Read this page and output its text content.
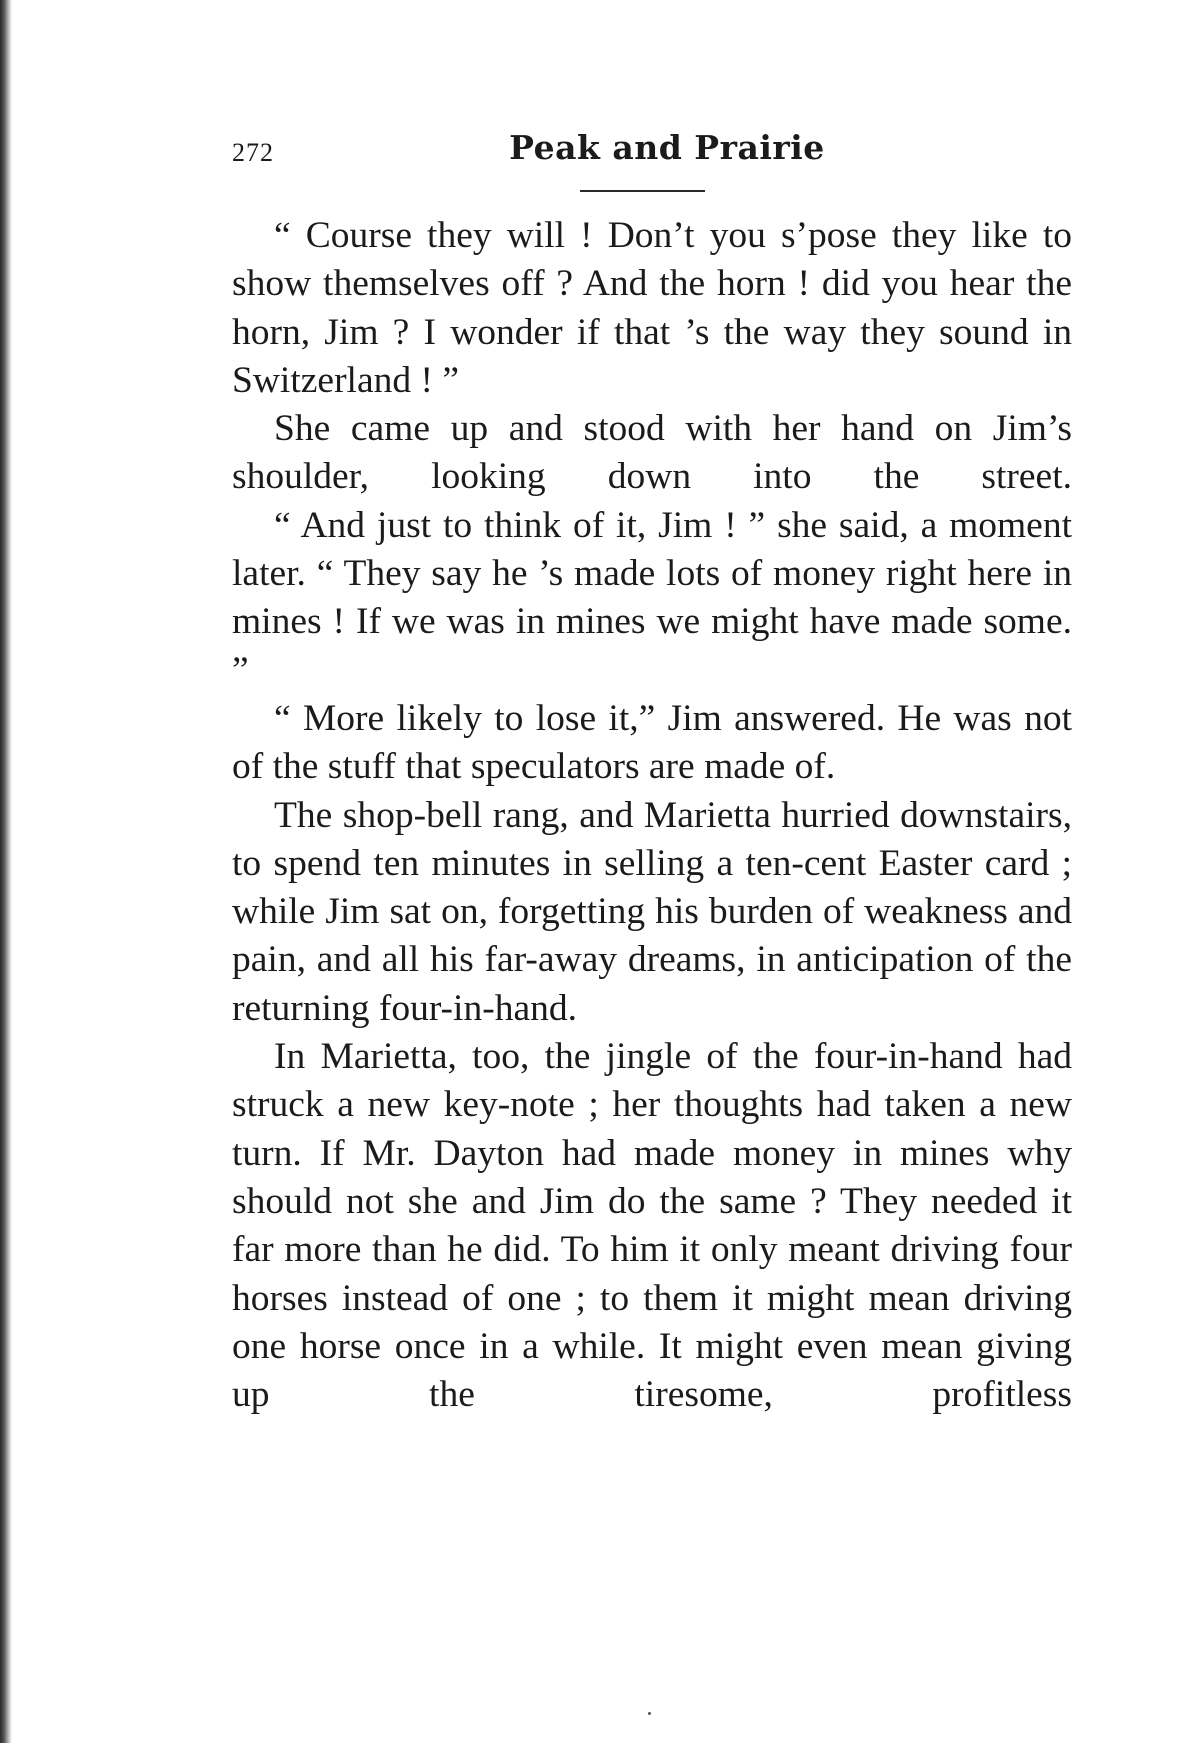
272	Peak and Prairie

“ Course they will ! Don’t you s’pose they like to show themselves off ? And the horn ! did you hear the horn, Jim ? I wonder if that ’s the way they sound in Switzerland ! ”

She came up and stood with her hand on Jim’s shoulder, looking down into the street.

“ And just to think of it, Jim ! ” she said, a moment later. “ They say he ’s made lots of money right here in mines ! If we was in mines we might have made some. ”

“ More likely to lose it,” Jim answered. He was not of the stuff that speculators are made of.

The shop-bell rang, and Marietta hurried downstairs, to spend ten minutes in selling a ten-cent Easter card ; while Jim sat on, forgetting his burden of weakness and pain, and all his far-away dreams, in anticipation of the returning four-in-hand.

In Marietta, too, the jingle of the four-in-hand had struck a new key-note ; her thoughts had taken a new turn. If Mr. Dayton had made money in mines why should not she and Jim do the same ? They needed it far more than he did. To him it only meant driving four horses instead of one ; to them it might mean driving one horse once in a while. It might even mean giving up the tiresome, profitless
